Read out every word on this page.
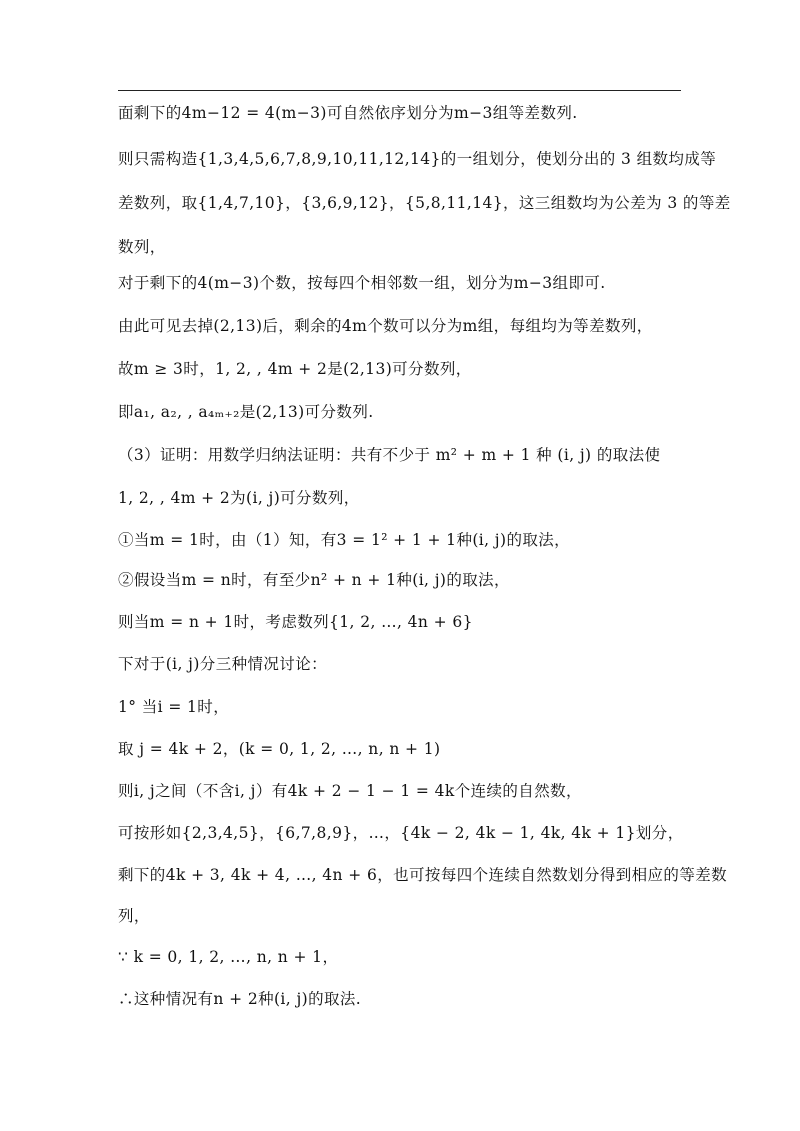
面剩下的4m−12 = 4(m−3)可自然依序划分为m−3组等差数列.
则只需构造{1,3,4,5,6,7,8,9,10,11,12,14}的一组划分，使划分出的 3 组数均成等
差数列，取{1,4,7,10}，{3,6,9,12}，{5,8,11,14}，这三组数均为公差为 3 的等差
数列，
对于剩下的4(m−3)个数，按每四个相邻数一组，划分为m−3组即可.
由此可见去掉(2,13)后，剩余的4m个数可以分为m组，每组均为等差数列，
故m ≥ 3时，1, 2, , 4m + 2是(2,13)可分数列，
即a₁, a₂, , a₄ₘ₊₂是(2,13)可分数列.
（3）证明：用数学归纳法证明：共有不少于 m² + m + 1 种 (i, j) 的取法使
1, 2, , 4m + 2为(i, j)可分数列，
①当m = 1时，由（1）知，有3 = 1² + 1 + 1种(i, j)的取法，
②假设当m = n时，有至少n² + n + 1种(i, j)的取法，
则当m = n + 1时，考虑数列{1, 2, …, 4n + 6}
下对于(i, j)分三种情况讨论：
1° 当i = 1时，
取 j = 4k + 2，(k = 0, 1, 2, …, n, n + 1)
则i, j之间（不含i, j）有4k + 2 − 1 − 1 = 4k个连续的自然数，
可按形如{2,3,4,5}，{6,7,8,9}，…，{4k − 2, 4k − 1, 4k, 4k + 1}划分，
剩下的4k + 3, 4k + 4, …, 4n + 6，也可按每四个连续自然数划分得到相应的等差数
列，
∵ k = 0, 1, 2, …, n, n + 1，
∴这种情况有n + 2种(i, j)的取法.
